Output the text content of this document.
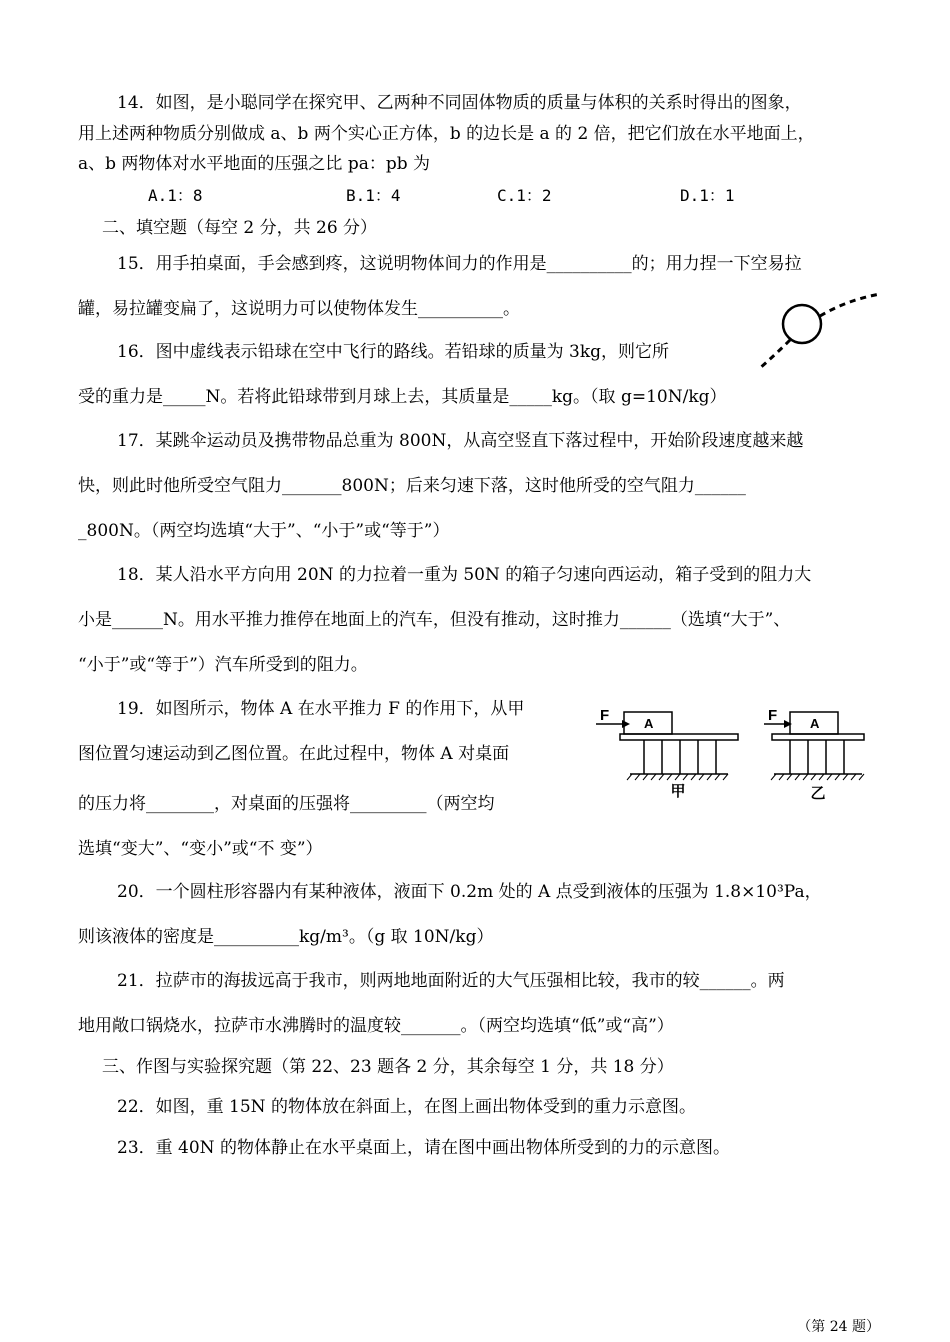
14．如图，是小聪同学在探究甲、乙两种不同固体物质的质量与体积的关系时得出的图象，
用上述两种物质分别做成 a、b 两个实心正方体，b 的边长是 a 的 2 倍，把它们放在水平地面上，
a、b 两物体对水平地面的压强之比 pa：pb 为
A.1：8	B.1：4	C.1：2	D.1：1
二、填空题（每空 2 分，共 26 分）
15．用手拍桌面，手会感到疼，这说明物体间力的作用是__________的；用力捏一下空易拉
罐，易拉罐变扁了，这说明力可以使物体发生__________。
16．图中虚线表示铅球在空中飞行的路线。若铅球的质量为 3kg，则它所
受的重力是_____N。若将此铅球带到月球上去，其质量是_____kg。（取 g=10N/kg）
17．某跳伞运动员及携带物品总重为 800N，从高空竖直下落过程中，开始阶段速度越来越
快，则此时他所受空气阻力_______800N；后来匀速下落，这时他所受的空气阻力______
_800N。（两空均选填“大于”、“小于”或“等于”）
18．某人沿水平方向用 20N 的力拉着一重为 50N 的箱子匀速向西运动，箱子受到的阻力大
小是______N。用水平推力推停在地面上的汽车，但没有推动，这时推力______（选填“大于”、
“小于”或“等于”）汽车所受到的阻力。
19．如图所示，物体 A 在水平推力 F 的作用下，从甲
图位置匀速运动到乙图位置。在此过程中，物体 A 对桌面
的压力将________，对桌面的压强将_________（两空均
选填“变大”、“变小”或“不 变”）
F	A
甲
F	A
乙
20．一个圆柱形容器内有某种液体，液面下 0.2m 处的 A 点受到液体的压强为 1.8×10³Pa，
则该液体的密度是__________kg/m³。（g 取 10N/kg）
21．拉萨市的海拔远高于我市，则两地地面附近的大气压强相比较，我市的较______。两
地用敞口锅烧水，拉萨市水沸腾时的温度较_______。（两空均选填“低”或“高”）
三、作图与实验探究题（第 22、23 题各 2 分，其余每空 1 分，共 18 分）
22．如图，重 15N 的物体放在斜面上，在图上画出物体受到的重力示意图。
23．重 40N 的物体静止在水平桌面上，请在图中画出物体所受到的力的示意图。
（第 24 题）
